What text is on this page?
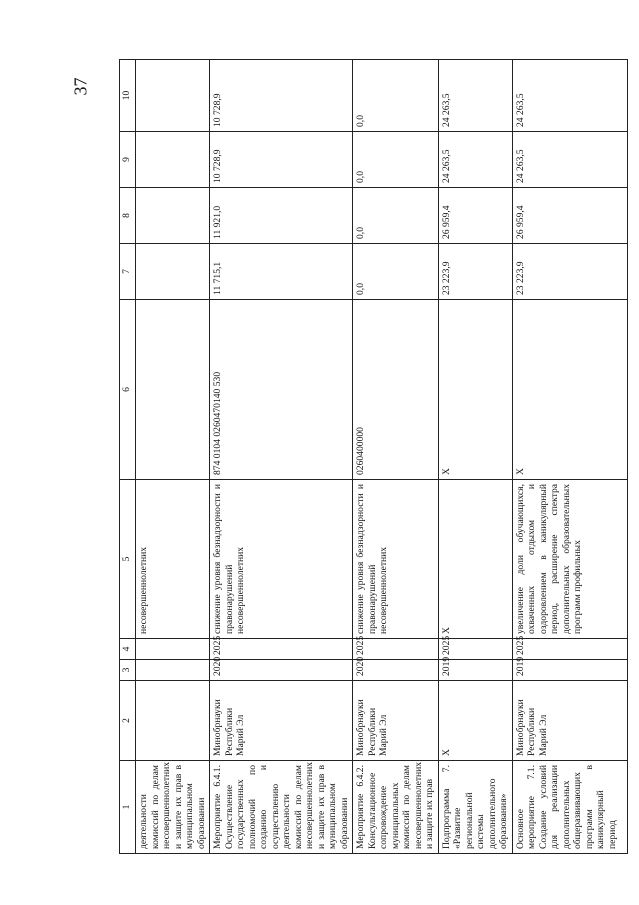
37
1	2	3	4	5	6	7	8	9	10
деятельности комиссий по делам несовершеннолетних и защите их прав в муниципальном образовании				несовершеннолетних					
Мероприятие 6.4.1. Осуществление государственных полномочий по созданию и осуществлению деятельности комиссий по делам несовершеннолетних и защите их прав в муниципальном образовании	Минобрнауки Республики Марий Эл	2020	2025	снижение уровня безнадзорности и правонарушений несовершеннолетних	874 0104 0260470140 530	11 715,1	11 921,0	10 728,9	10 728,9
Мероприятие 6.4.2. Консультационное сопровождение муниципальных комиссий по делам несовершеннолетних и защите их прав	Минобрнауки Республики Марий Эл	2020	2025	снижение уровня безнадзорности и правонарушений несовершеннолетних	0260400000	0,0	0,0	0,0	0,0
Подпрограмма 7. «Развитие региональной системы дополнительного образования»	Х	2019	2025	Х	Х	23 223,9	26 959,4	24 263,5	24 263,5
Основное мероприятие 7.1. Создание условий для реализации дополнительных общеразвивающих программ в каникулярный период	Минобрнауки Республики Марий Эл	2019	2025	увеличение доли обучающихся, охваченных отдыхом и оздоровлением в каникулярный период, расширение спектра дополнительных образовательных программ профильных	Х	23 223,9	26 959,4	24 263,5	24 263,5
